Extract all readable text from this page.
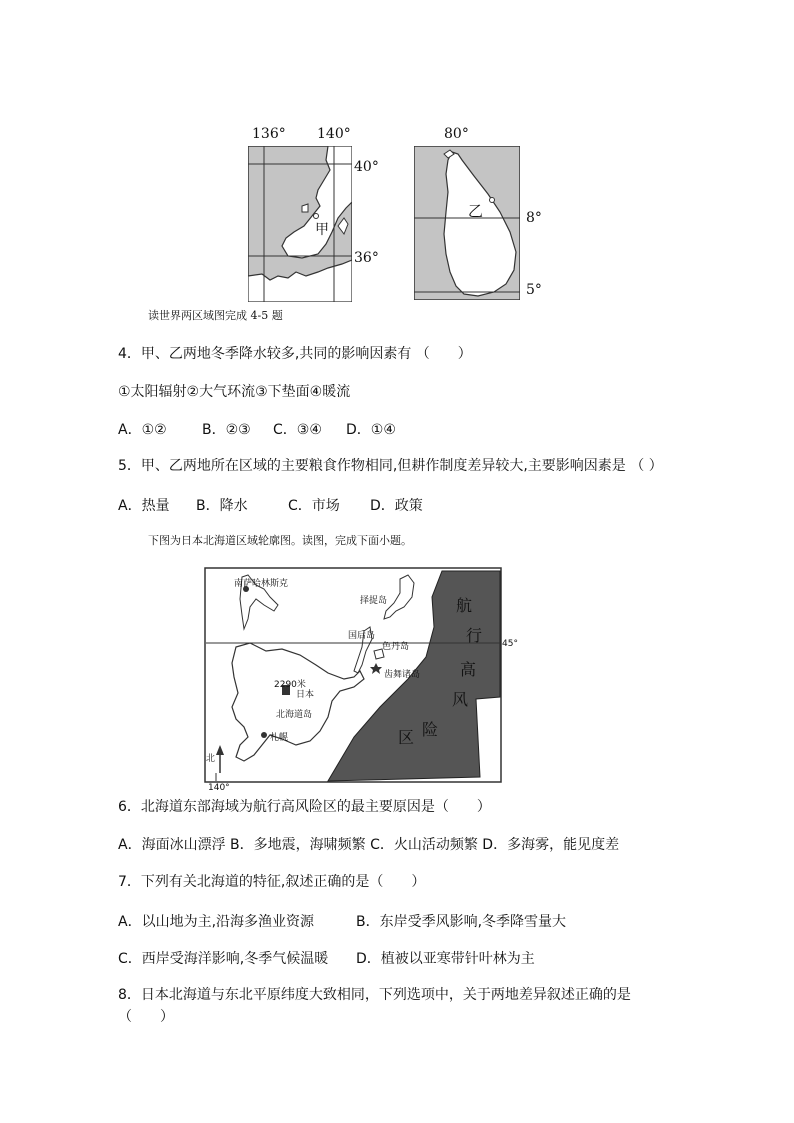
136° 140°
甲
40°
36°
80°
乙	8°
5°
读世界两区域图完成 4-5 题
4．甲、乙两地冬季降水较多,共同的影响因素有 （　　）
①太阳辐射②大气环流③下垫面④暖流
A．①②	B．②③ C．③④ D．①④
5．甲、乙两地所在区域的主要粮食作物相同,但耕作制度差异较大,主要影响因素是 （ ）
A．热量 B．降水	C．市场 D．政策
下图为日本北海道区域轮廓图。读图，完成下面小题。
南萨哈林斯克
择捉岛
国后岛
色丹岛
齿舞诸岛
45°
2290米
日本
北海道岛
札幌
北
140°
航
行
高
风
险
区
6．北海道东部海域为航行高风险区的最主要原因是（　　）
A．海面冰山漂浮 B．多地震，海啸频繁 C．火山活动频繁 D．多海雾，能见度差
7．下列有关北海道的特征,叙述正确的是（　　）
A．以山地为主,沿海多渔业资源	B．东岸受季风影响,冬季降雪量大
C．西岸受海洋影响,冬季气候温暖 D．植被以亚寒带针叶林为主
8．日本北海道与东北平原纬度大致相同，下列选项中，关于两地差异叙述正确的是
（　　）
